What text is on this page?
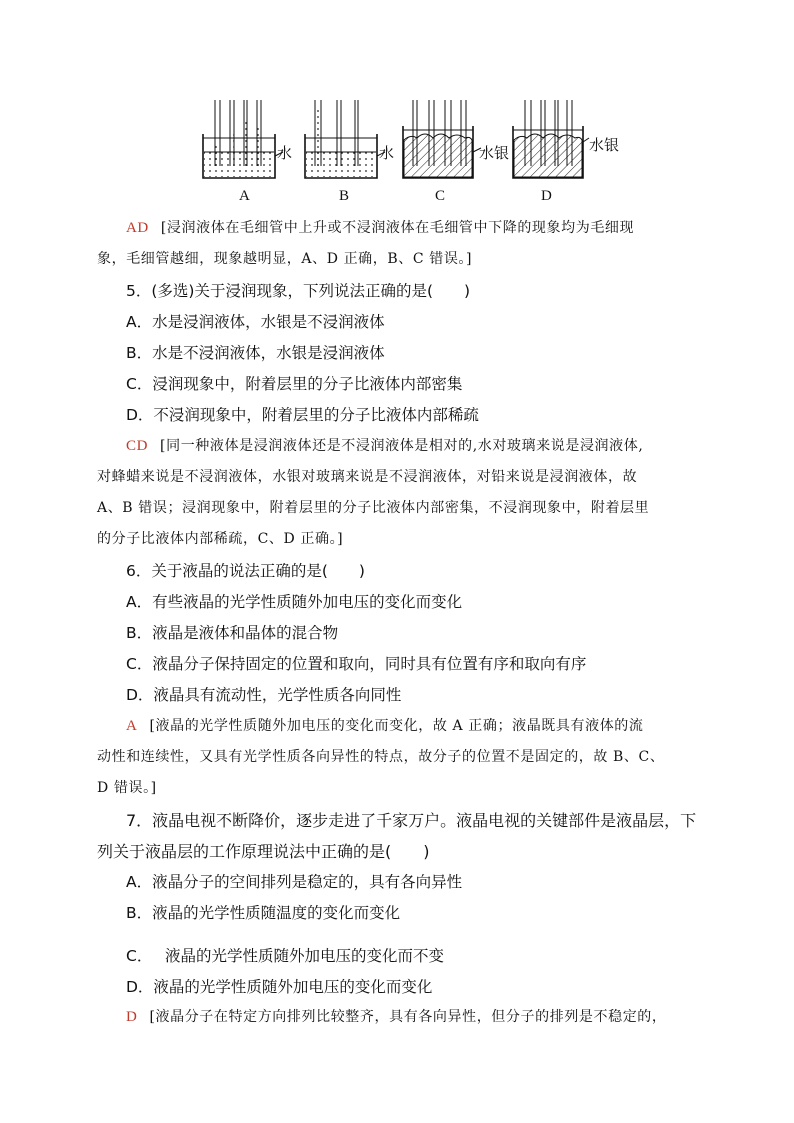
水	水	水银	水银
A	B	C	D
AD [浸润液体在毛细管中上升或不浸润液体在毛细管中下降的现象均为毛细现
象，毛细管越细，现象越明显，A、D 正确，B、C 错误。]
5．(多选)关于浸润现象，下列说法正确的是(　　)
A．水是浸润液体，水银是不浸润液体
B．水是不浸润液体，水银是浸润液体
C．浸润现象中，附着层里的分子比液体内部密集
D．不浸润现象中，附着层里的分子比液体内部稀疏
CD [同一种液体是浸润液体还是不浸润液体是相对的,水对玻璃来说是浸润液体,
对蜂蜡来说是不浸润液体，水银对玻璃来说是不浸润液体，对铅来说是浸润液体，故
A、B 错误；浸润现象中，附着层里的分子比液体内部密集，不浸润现象中，附着层里
的分子比液体内部稀疏，C、D 正确。]
6．关于液晶的说法正确的是(　　)
A．有些液晶的光学性质随外加电压的变化而变化
B．液晶是液体和晶体的混合物
C．液晶分子保持固定的位置和取向，同时具有位置有序和取向有序
D．液晶具有流动性，光学性质各向同性
A [液晶的光学性质随外加电压的变化而变化，故 A 正确；液晶既具有液体的流
动性和连续性，又具有光学性质各向异性的特点，故分子的位置不是固定的，故 B、C、
D 错误。]
7．液晶电视不断降价，逐步走进了千家万户。液晶电视的关键部件是液晶层，下
列关于液晶层的工作原理说法中正确的是(　　)
A．液晶分子的空间排列是稳定的，具有各向异性
B．液晶的光学性质随温度的变化而变化
C．　 液晶的光学性质随外加电压的变化而不变
D．液晶的光学性质随外加电压的变化而变化
D [液晶分子在特定方向排列比较整齐，具有各向异性，但分子的排列是不稳定的，
